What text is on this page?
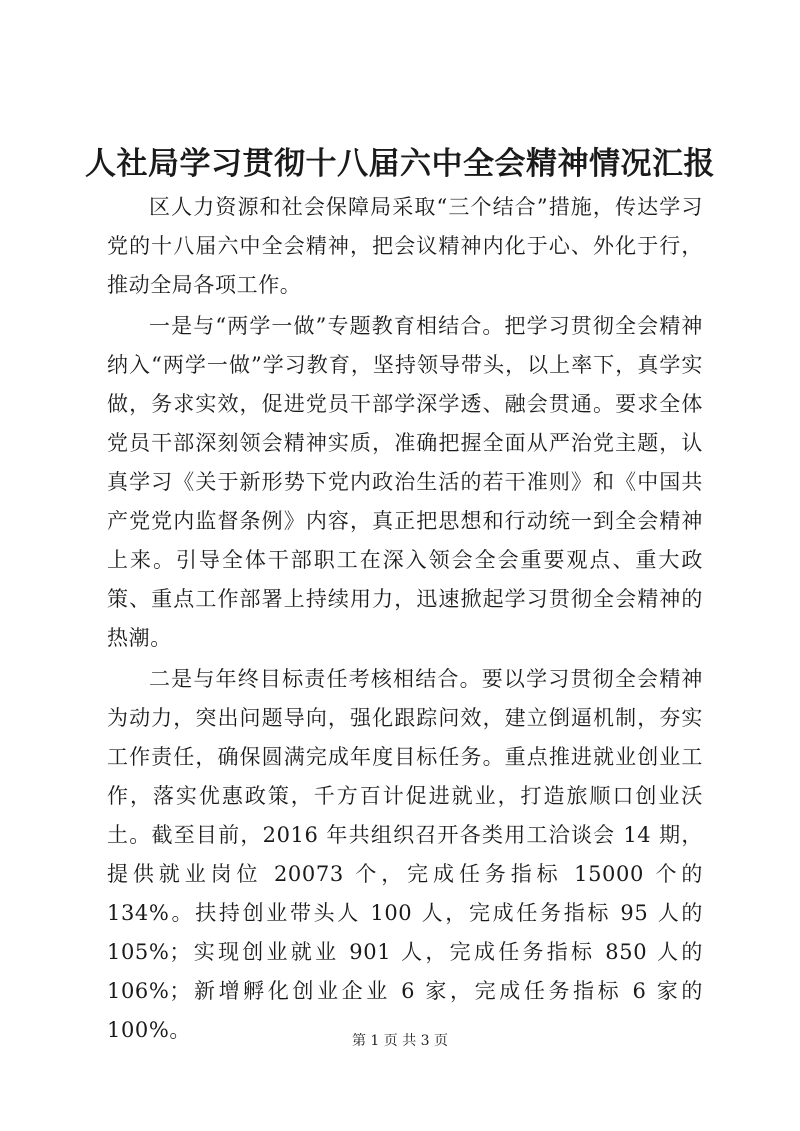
人社局学习贯彻十八届六中全会精神情况汇报

区人力资源和社会保障局采取“三个结合”措施，传达学习党的十八届六中全会精神，把会议精神内化于心、外化于行，推动全局各项工作。

一是与“两学一做”专题教育相结合。把学习贯彻全会精神纳入“两学一做”学习教育，坚持领导带头，以上率下，真学实做，务求实效，促进党员干部学深学透、融会贯通。要求全体党员干部深刻领会精神实质，准确把握全面从严治党主题，认真学习《关于新形势下党内政治生活的若干准则》和《中国共产党党内监督条例》内容，真正把思想和行动统一到全会精神上来。引导全体干部职工在深入领会全会重要观点、重大政策、重点工作部署上持续用力，迅速掀起学习贯彻全会精神的热潮。

二是与年终目标责任考核相结合。要以学习贯彻全会精神为动力，突出问题导向，强化跟踪问效，建立倒逼机制，夯实工作责任，确保圆满完成年度目标任务。重点推进就业创业工作，落实优惠政策，千方百计促进就业，打造旅顺口创业沃土。截至目前，2016 年共组织召开各类用工洽谈会 14 期，提供就业岗位 20073 个，完成任务指标 15000 个的 134%。扶持创业带头人 100 人，完成任务指标 95 人的 105%；实现创业就业 901 人，完成任务指标 850 人的 106%；新增孵化创业企业 6 家，完成任务指标 6 家的 100%。	第 1 页 共 3 页
